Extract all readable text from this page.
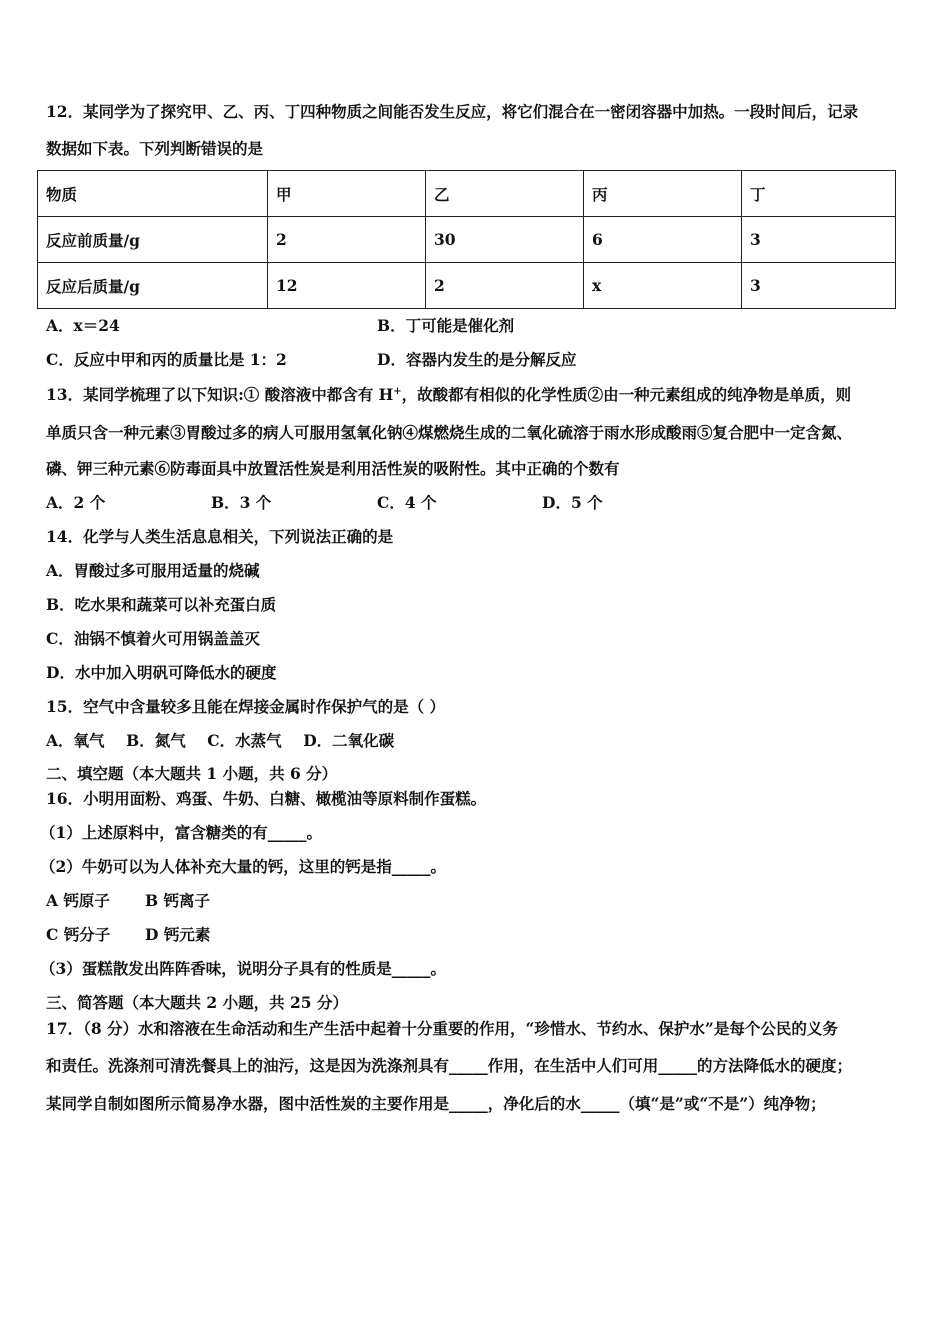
12．某同学为了探究甲、乙、丙、丁四种物质之间能否发生反应，将它们混合在一密闭容器中加热。一段时间后，记录
数据如下表。下列判断错误的是
物质	甲	乙	丙	丁
反应前质量/g	2	30	6	3
反应后质量/g	12	2	x	3
A．x＝24	B．丁可能是催化剂
C．反应中甲和丙的质量比是 1：2	D．容器内发生的是分解反应
13．某同学梳理了以下知识:① 酸溶液中都含有 H+，故酸都有相似的化学性质②由一种元素组成的纯净物是单质，则
单质只含一种元素③胃酸过多的病人可服用氢氧化钠④煤燃烧生成的二氧化硫溶于雨水形成酸雨⑤复合肥中一定含氮、
磷、钾三种元素⑥防毒面具中放置活性炭是利用活性炭的吸附性。其中正确的个数有
A．2 个	B．3 个	C．4 个	D．5 个
14．化学与人类生活息息相关，下列说法正确的是
A．胃酸过多可服用适量的烧碱
B．吃水果和蔬菜可以补充蛋白质
C．油锅不慎着火可用锅盖盖灭
D．水中加入明矾可降低水的硬度
15．空气中含量较多且能在焊接金属时作保护气的是（ ）
A．氧气    B．氮气    C．水蒸气    D．二氧化碳
二、填空题（本大题共 1 小题，共 6 分）
16．小明用面粉、鸡蛋、牛奶、白糖、橄榄油等原料制作蛋糕。
（1）上述原料中，富含糖类的有_____。
（2）牛奶可以为人体补充大量的钙，这里的钙是指_____。
A 钙原子 B 钙离子
C 钙分子 D 钙元素
（3）蛋糕散发出阵阵香味，说明分子具有的性质是_____。
三、简答题（本大题共 2 小题，共 25 分）
17．（8 分）水和溶液在生命活动和生产生活中起着十分重要的作用，“珍惜水、节约水、保护水”是每个公民的义务
和责任。洗涤剂可清洗餐具上的油污，这是因为洗涤剂具有_____作用，在生活中人们可用_____的方法降低水的硬度；
某同学自制如图所示简易净水器，图中活性炭的主要作用是_____，净化后的水_____（填“是”或“不是”）纯净物；
